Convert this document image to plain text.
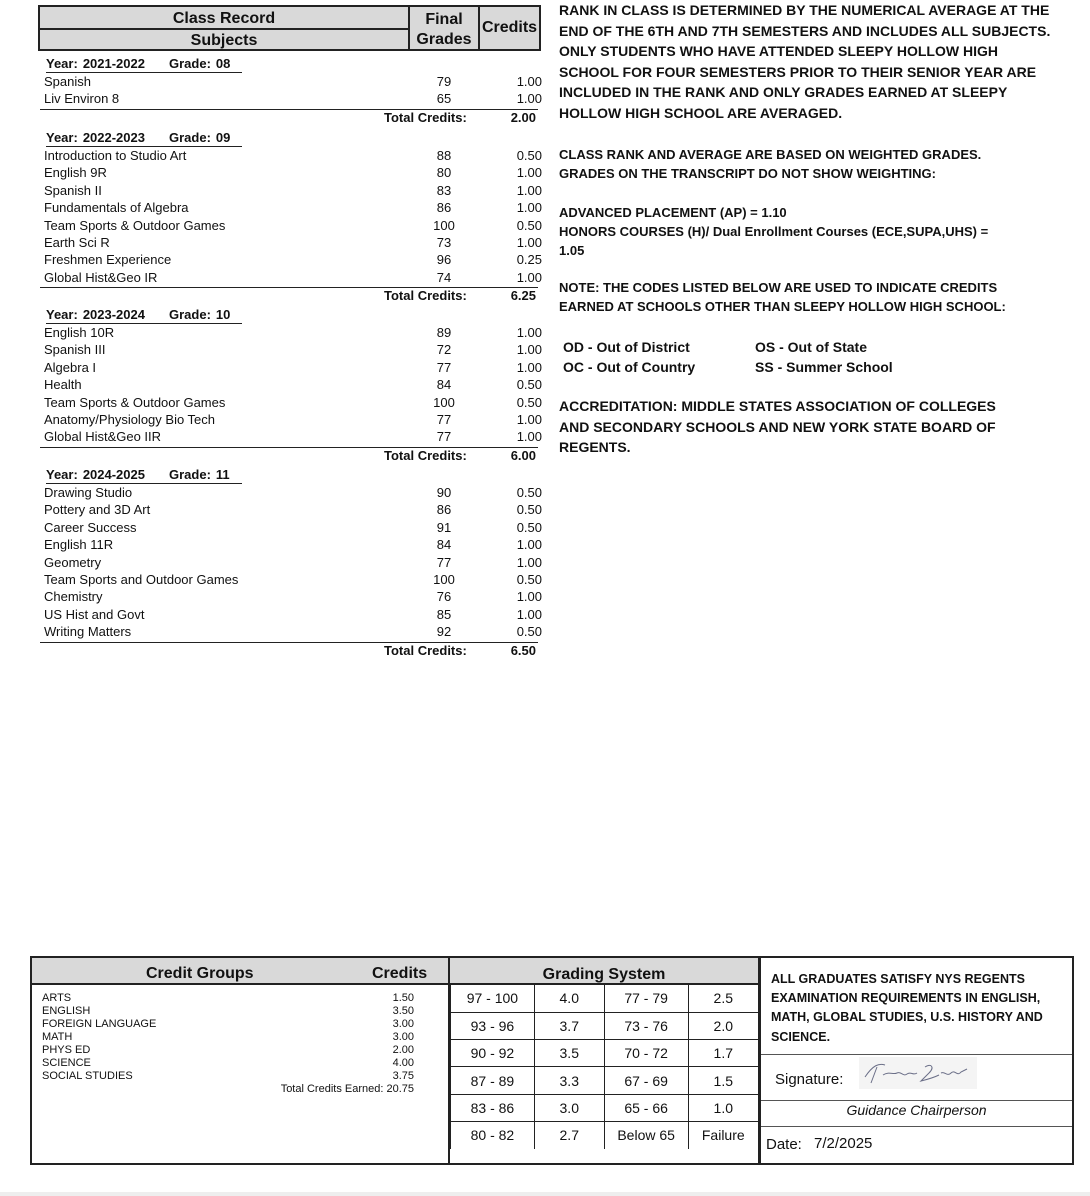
Class Record
Subjects
Final Grades
Credits
Year: 2021-2022 Grade: 08
Spanish	79	1.00
Liv Environ 8	65	1.00
Total Credits:	2.00
Year: 2022-2023 Grade: 09
Introduction to Studio Art	88	0.50
English 9R	80	1.00
Spanish II	83	1.00
Fundamentals of Algebra	86	1.00
Team Sports & Outdoor Games	100	0.50
Earth Sci R	73	1.00
Freshmen Experience	96	0.25
Global Hist&Geo IR	74	1.00
Total Credits:	6.25
Year: 2023-2024 Grade: 10
English 10R	89	1.00
Spanish III	72	1.00
Algebra I	77	1.00
Health	84	0.50
Team Sports & Outdoor Games	100	0.50
Anatomy/Physiology Bio Tech	77	1.00
Global Hist&Geo IIR	77	1.00
Total Credits:	6.00
Year: 2024-2025 Grade: 11
Drawing Studio	90	0.50
Pottery and 3D Art	86	0.50
Career Success	91	0.50
English 11R	84	1.00
Geometry	77	1.00
Team Sports and Outdoor Games	100	0.50
Chemistry	76	1.00
US Hist and Govt	85	1.00
Writing Matters	92	0.50
Total Credits:	6.50
RANK IN CLASS IS DETERMINED BY THE NUMERICAL AVERAGE AT THE END OF THE 6TH AND 7TH SEMESTERS AND INCLUDES ALL SUBJECTS. ONLY STUDENTS WHO HAVE ATTENDED SLEEPY HOLLOW HIGH SCHOOL FOR FOUR SEMESTERS PRIOR TO THEIR SENIOR YEAR ARE INCLUDED IN THE RANK AND ONLY GRADES EARNED AT SLEEPY HOLLOW HIGH SCHOOL ARE AVERAGED.
CLASS RANK AND AVERAGE ARE BASED ON WEIGHTED GRADES. GRADES ON THE TRANSCRIPT DO NOT SHOW WEIGHTING:
ADVANCED PLACEMENT (AP) = 1.10
HONORS COURSES (H)/ Dual Enrollment Courses (ECE,SUPA,UHS) = 1.05
NOTE: THE CODES LISTED BELOW ARE USED TO INDICATE CREDITS EARNED AT SCHOOLS OTHER THAN SLEEPY HOLLOW HIGH SCHOOL:
OD - Out of District	OS - Out of State
OC - Out of Country	SS - Summer School
ACCREDITATION: MIDDLE STATES ASSOCIATION OF COLLEGES AND SECONDARY SCHOOLS AND NEW YORK STATE BOARD OF REGENTS.
Credit Groups	Credits
ARTS	1.50
ENGLISH	3.50
FOREIGN LANGUAGE	3.00
MATH	3.00
PHYS ED	2.00
SCIENCE	4.00
SOCIAL STUDIES	3.75
Total Credits Earned: 20.75
Grading System
97 - 100	4.0	77 - 79	2.5
93 - 96	3.7	73 - 76	2.0
90 - 92	3.5	70 - 72	1.7
87 - 89	3.3	67 - 69	1.5
83 - 86	3.0	65 - 66	1.0
80 - 82	2.7	Below 65	Failure
ALL GRADUATES SATISFY NYS REGENTS EXAMINATION REQUIREMENTS IN ENGLISH, MATH, GLOBAL STUDIES, U.S. HISTORY AND SCIENCE.
Signature:
Guidance Chairperson
Date: 7/2/2025
